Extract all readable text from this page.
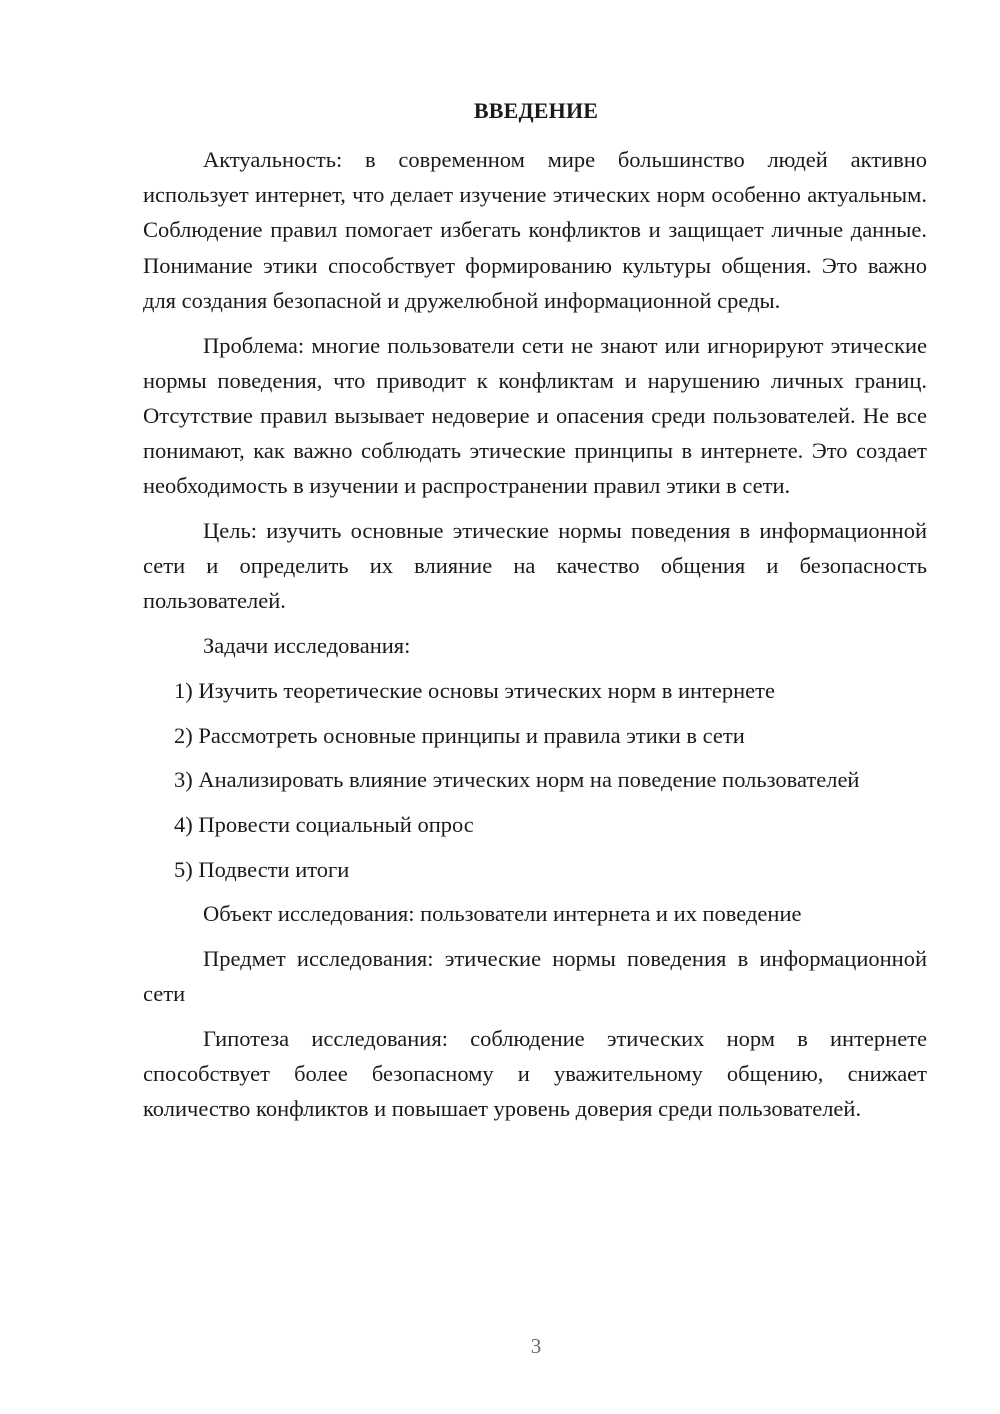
ВВЕДЕНИЕ

Актуальность: в современном мире большинство людей активно использует интернет, что делает изучение этических норм особенно актуальным. Соблюдение правил помогает избегать конфликтов и защищает личные данные. Понимание этики способствует формированию культуры общения. Это важно для создания безопасной и дружелюбной информационной среды.

Проблема: многие пользователи сети не знают или игнорируют этические нормы поведения, что приводит к конфликтам и нарушению личных границ. Отсутствие правил вызывает недоверие и опасения среди пользователей. Не все понимают, как важно соблюдать этические принципы в интернете. Это создает необходимость в изучении и распространении правил этики в сети.

Цель: изучить основные этические нормы поведения в информационной сети и определить их влияние на качество общения и безопасность пользователей.

Задачи исследования:

1) Изучить теоретические основы этических норм в интернете

2) Рассмотреть основные принципы и правила этики в сети

3) Анализировать влияние этических норм на поведение пользователей

4) Провести социальный опрос

5) Подвести итоги

Объект исследования: пользователи интернета и их поведение

Предмет исследования: этические нормы поведения в информационной сети

Гипотеза исследования: соблюдение этических норм в интернете способствует более безопасному и уважительному общению, снижает количество конфликтов и повышает уровень доверия среди пользователей.

3
